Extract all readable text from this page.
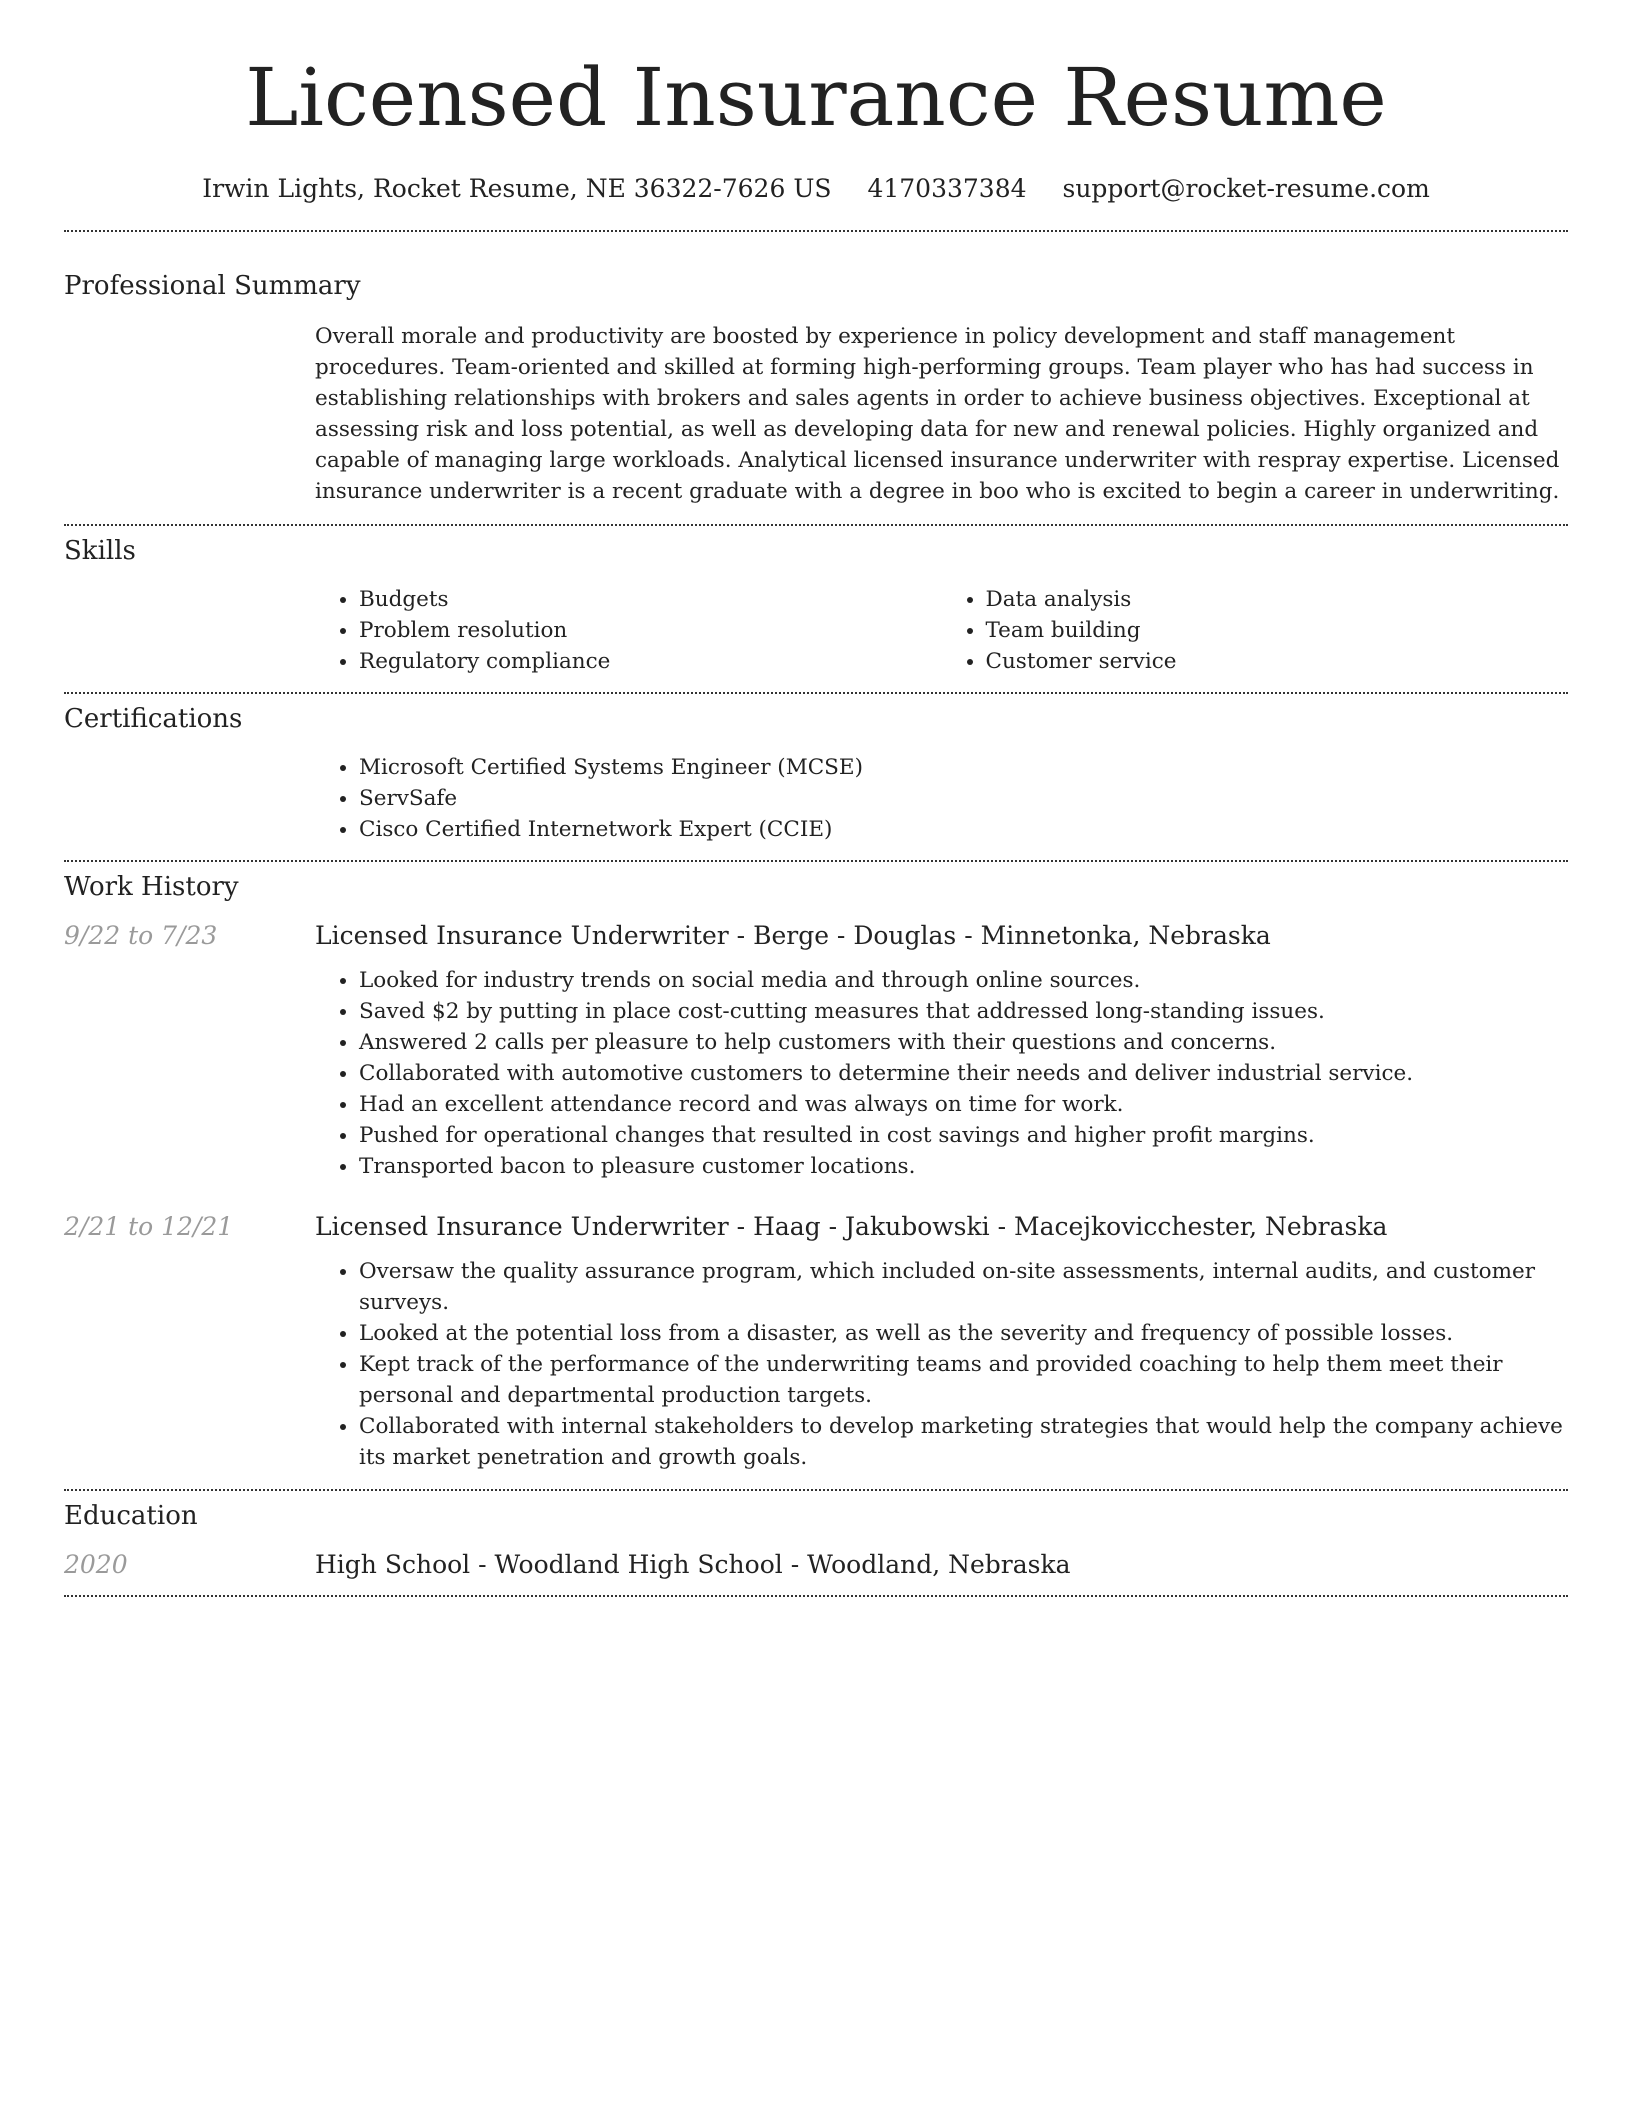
Licensed Insurance Resume
Irwin Lights, Rocket Resume, NE 36322-7626 US 4170337384 support@rocket-resume.com
Professional Summary

Overall morale and productivity are boosted by experience in policy development and staff management procedures. Team-oriented and skilled at forming high-performing groups. Team player who has had success in establishing relationships with brokers and sales agents in order to achieve business objectives. Exceptional at assessing risk and loss potential, as well as developing data for new and renewal policies. Highly organized and capable of managing large workloads. Analytical licensed insurance underwriter with respray expertise. Licensed insurance underwriter is a recent graduate with a degree in boo who is excited to begin a career in underwriting.

Skills
• Budgets
• Problem resolution
• Regulatory compliance
• Data analysis
• Team building
• Customer service
Certifications
• Microsoft Certified Systems Engineer (MCSE)
• ServSafe
• Cisco Certified Internetwork Expert (CCIE)
Work History
9/22 to 7/23	Licensed Insurance Underwriter - Berge - Douglas - Minnetonka, Nebraska
• Looked for industry trends on social media and through online sources.
• Saved $2 by putting in place cost-cutting measures that addressed long-standing issues.
• Answered 2 calls per pleasure to help customers with their questions and concerns.
• Collaborated with automotive customers to determine their needs and deliver industrial service.
• Had an excellent attendance record and was always on time for work.
• Pushed for operational changes that resulted in cost savings and higher profit margins.
• Transported bacon to pleasure customer locations.
2/21 to 12/21	Licensed Insurance Underwriter - Haag - Jakubowski - Macejkovicchester, Nebraska
• Oversaw the quality assurance program, which included on-site assessments, internal audits, and customer surveys.
• Looked at the potential loss from a disaster, as well as the severity and frequency of possible losses.
• Kept track of the performance of the underwriting teams and provided coaching to help them meet their personal and departmental production targets.
• Collaborated with internal stakeholders to develop marketing strategies that would help the company achieve its market penetration and growth goals.
Education
2020	High School - Woodland High School - Woodland, Nebraska
